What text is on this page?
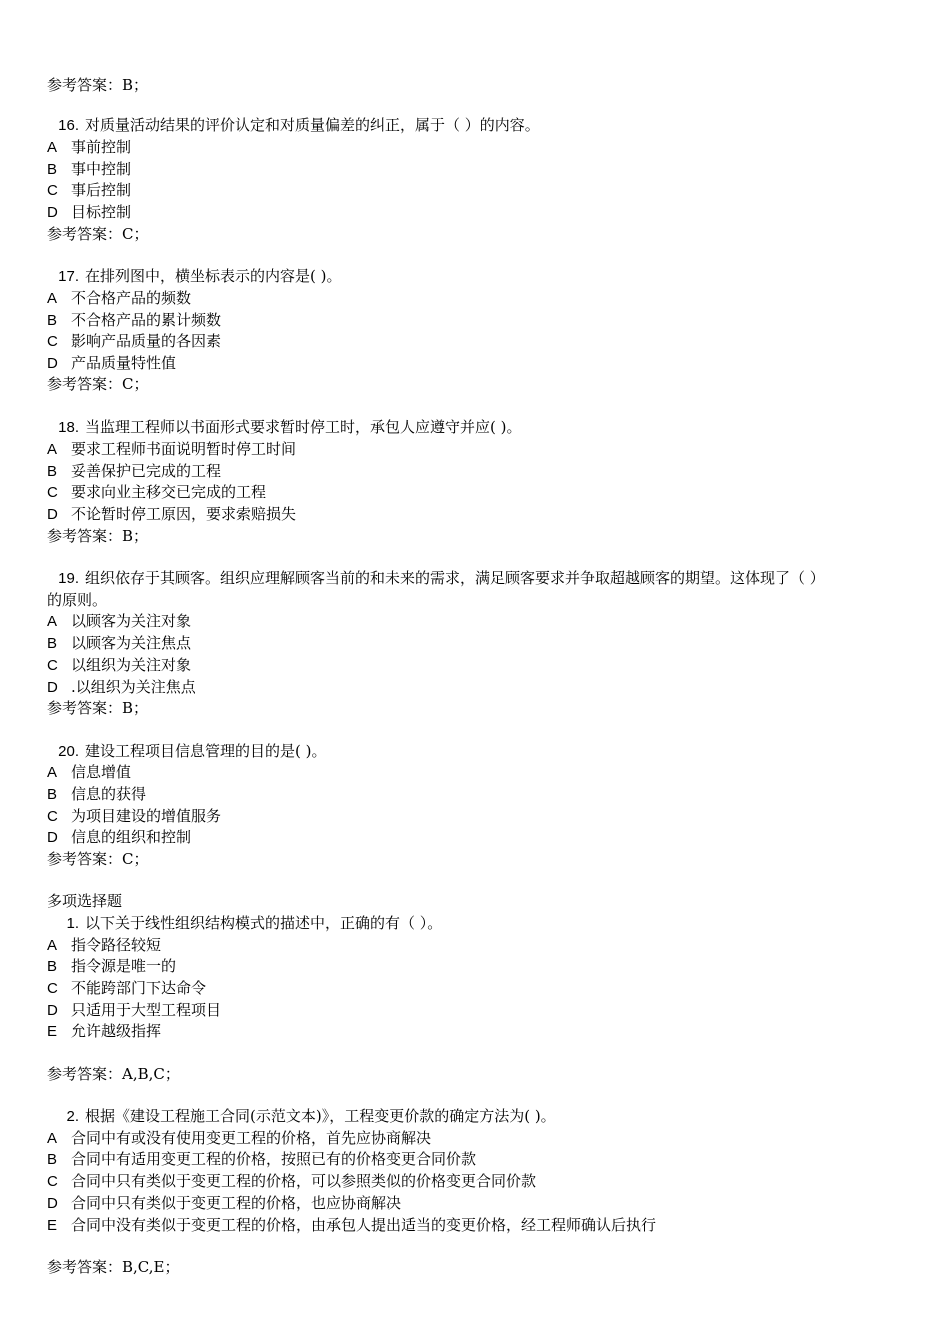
参考答案：B；
16. 对质量活动结果的评价认定和对质量偏差的纠正，属于（ ）的内容。
A 事前控制
B 事中控制
C 事后控制
D 目标控制
参考答案：C；
17. 在排列图中，横坐标表示的内容是( )。
A 不合格产品的频数
B 不合格产品的累计频数
C 影响产品质量的各因素
D 产品质量特性值
参考答案：C；
18. 当监理工程师以书面形式要求暂时停工时，承包人应遵守并应( )。
A 要求工程师书面说明暂时停工时间
B 妥善保护已完成的工程
C 要求向业主移交已完成的工程
D 不论暂时停工原因，要求索赔损失
参考答案：B；
19. 组织依存于其顾客。组织应理解顾客当前的和未来的需求，满足顾客要求并争取超越顾客的期望。这体现了（ ）
的原则。
A 以顾客为关注对象
B 以顾客为关注焦点
C 以组织为关注对象
D .以组织为关注焦点
参考答案：B；
20. 建设工程项目信息管理的目的是( )。
A 信息增值
B 信息的获得
C 为项目建设的增值服务
D 信息的组织和控制
参考答案：C；
多项选择题
1. 以下关于线性组织结构模式的描述中，正确的有（ ）。
A 指令路径较短
B 指令源是唯一的
C 不能跨部门下达命令
D 只适用于大型工程项目
E 允许越级指挥
参考答案：A,B,C；
2. 根据《建设工程施工合同(示范文本)》，工程变更价款的确定方法为( )。
A 合同中有或没有使用变更工程的价格，首先应协商解决
B 合同中有适用变更工程的价格，按照已有的价格变更合同价款
C 合同中只有类似于变更工程的价格，可以参照类似的价格变更合同价款
D 合同中只有类似于变更工程的价格，也应协商解决
E 合同中没有类似于变更工程的价格，由承包人提出适当的变更价格，经工程师确认后执行
参考答案：B,C,E；
